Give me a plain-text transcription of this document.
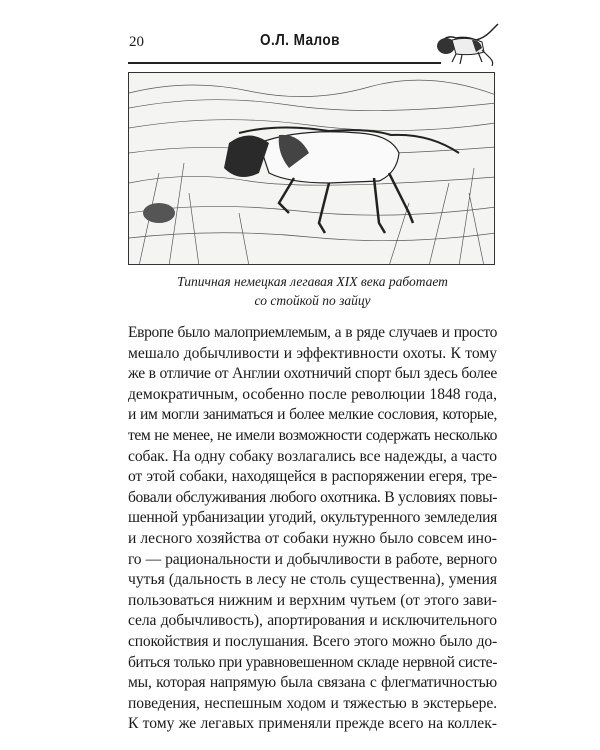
20	О.Л. Малов
Типичная немецкая легавая XIX века работает
со стойкой по зайцу
Европе было малоприемлемым, а в ряде случаев и просто
мешало добычливости и эффективности охоты. К тому
же в отличие от Англии охотничий спорт был здесь более
демократичным, особенно после революции 1848 года,
и им могли заниматься и более мелкие сословия, которые,
тем не менее, не имели возможности содержать несколько
собак. На одну собаку возлагались все надежды, а часто
от этой собаки, находящейся в распоряжении егеря, тре-
бовали обслуживания любого охотника. В условиях повы-
шенной урбанизации угодий, окультуренного земледелия
и лесного хозяйства от собаки нужно было совсем ино-
го — рациональности и добычливости в работе, верного
чутья (дальность в лесу не столь существенна), умения
пользоваться нижним и верхним чутьем (от этого зави-
села добычливость), апортирования и исключительного
спокойствия и послушания. Всего этого можно было до-
биться только при уравновешенном складе нервной систе-
мы, которая напрямую была связана с флегматичностью
поведения, неспешным ходом и тяжестью в экстерьере.
К тому же легавых применяли прежде всего на коллек-
